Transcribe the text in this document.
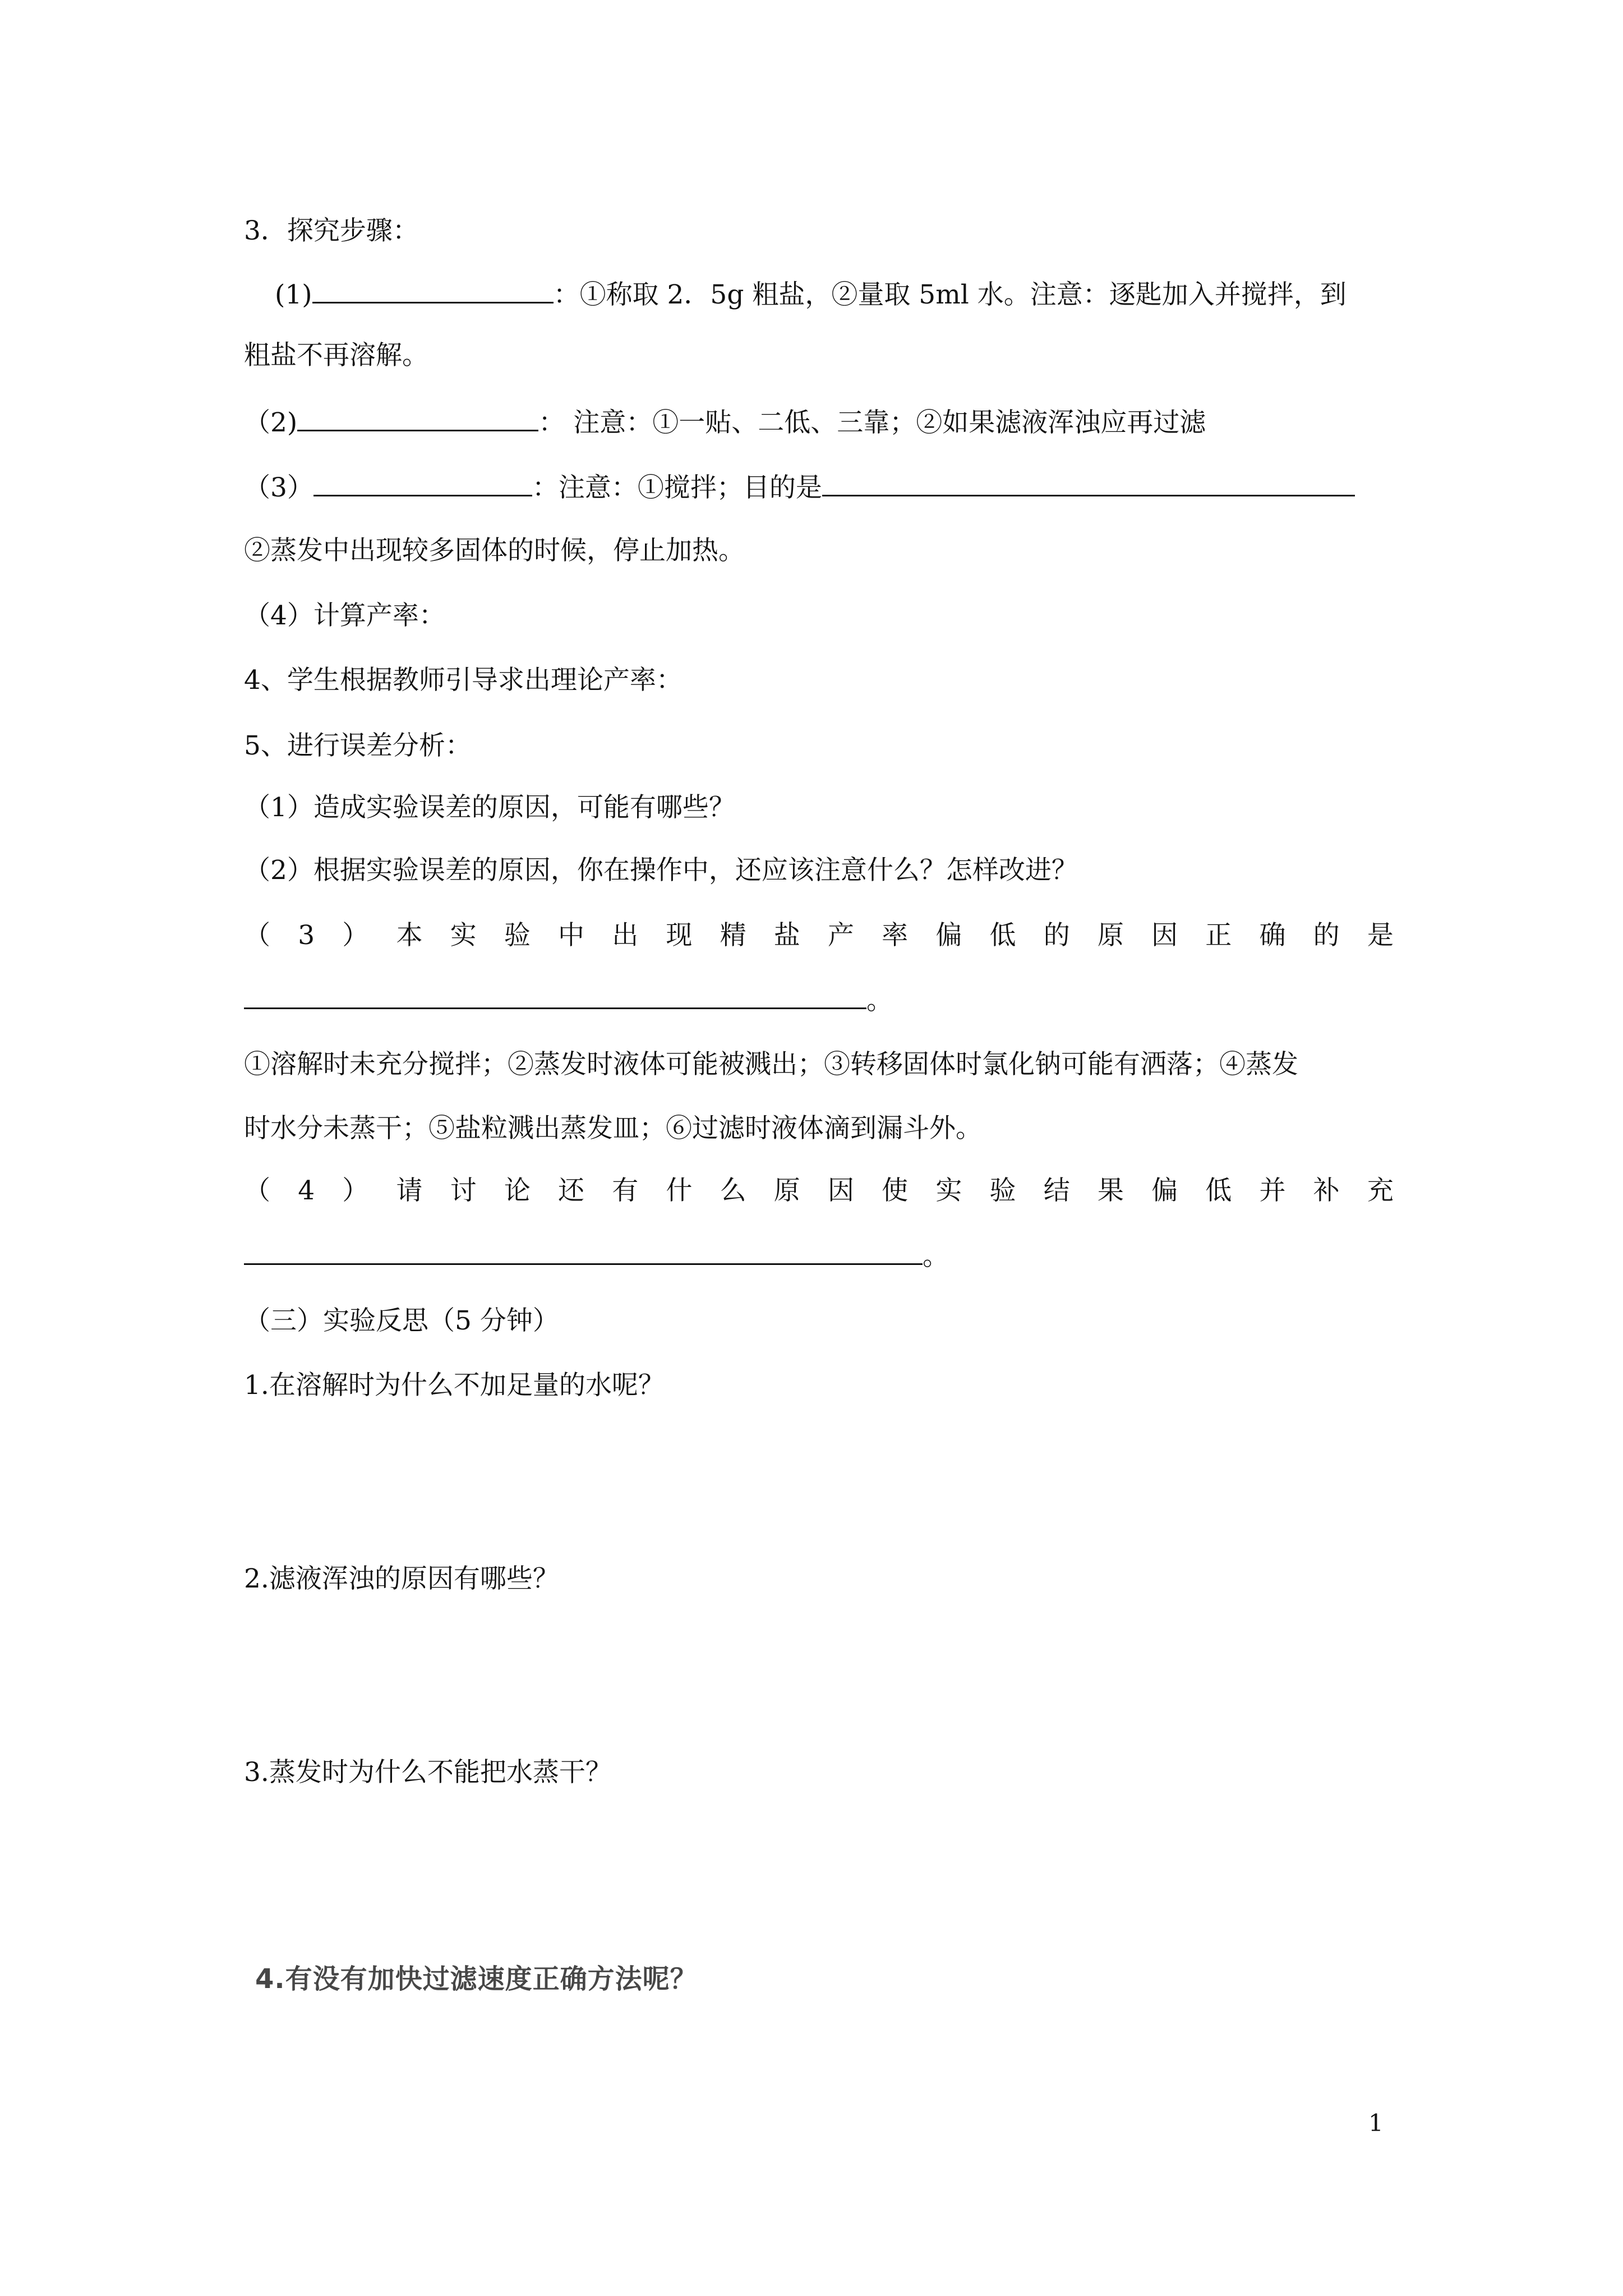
3．探究步骤：
(1)	：①称取 2．5g 粗盐，②量取 5ml 水。注意：逐匙加入并搅拌，到
粗盐不再溶解。
（2)	： 注意：①一贴、二低、三靠；②如果滤液浑浊应再过滤
（3）	：注意：①搅拌；目的是
②蒸发中出现较多固体的时候，停止加热。
（4）计算产率：
4、学生根据教师引导求出理论产率：
5、进行误差分析：
（1）造成实验误差的原因，可能有哪些？
（2）根据实验误差的原因，你在操作中，还应该注意什么？怎样改进？
（ 3 ） 本 实 验 中 出 现 精 盐 产 率 偏 低 的 原 因 正 确 的 是
。
①溶解时未充分搅拌；②蒸发时液体可能被溅出；③转移固体时氯化钠可能有洒落；④蒸发
时水分未蒸干；⑤盐粒溅出蒸发皿；⑥过滤时液体滴到漏斗外。
（ 4 ） 请 讨 论 还 有 什 么 原 因 使 实 验 结 果 偏 低 并 补 充
。
（三）实验反思（5 分钟）
1.在溶解时为什么不加足量的水呢？
2.滤液浑浊的原因有哪些？
3.蒸发时为什么不能把水蒸干？
4.有没有加快过滤速度正确方法呢？
1
